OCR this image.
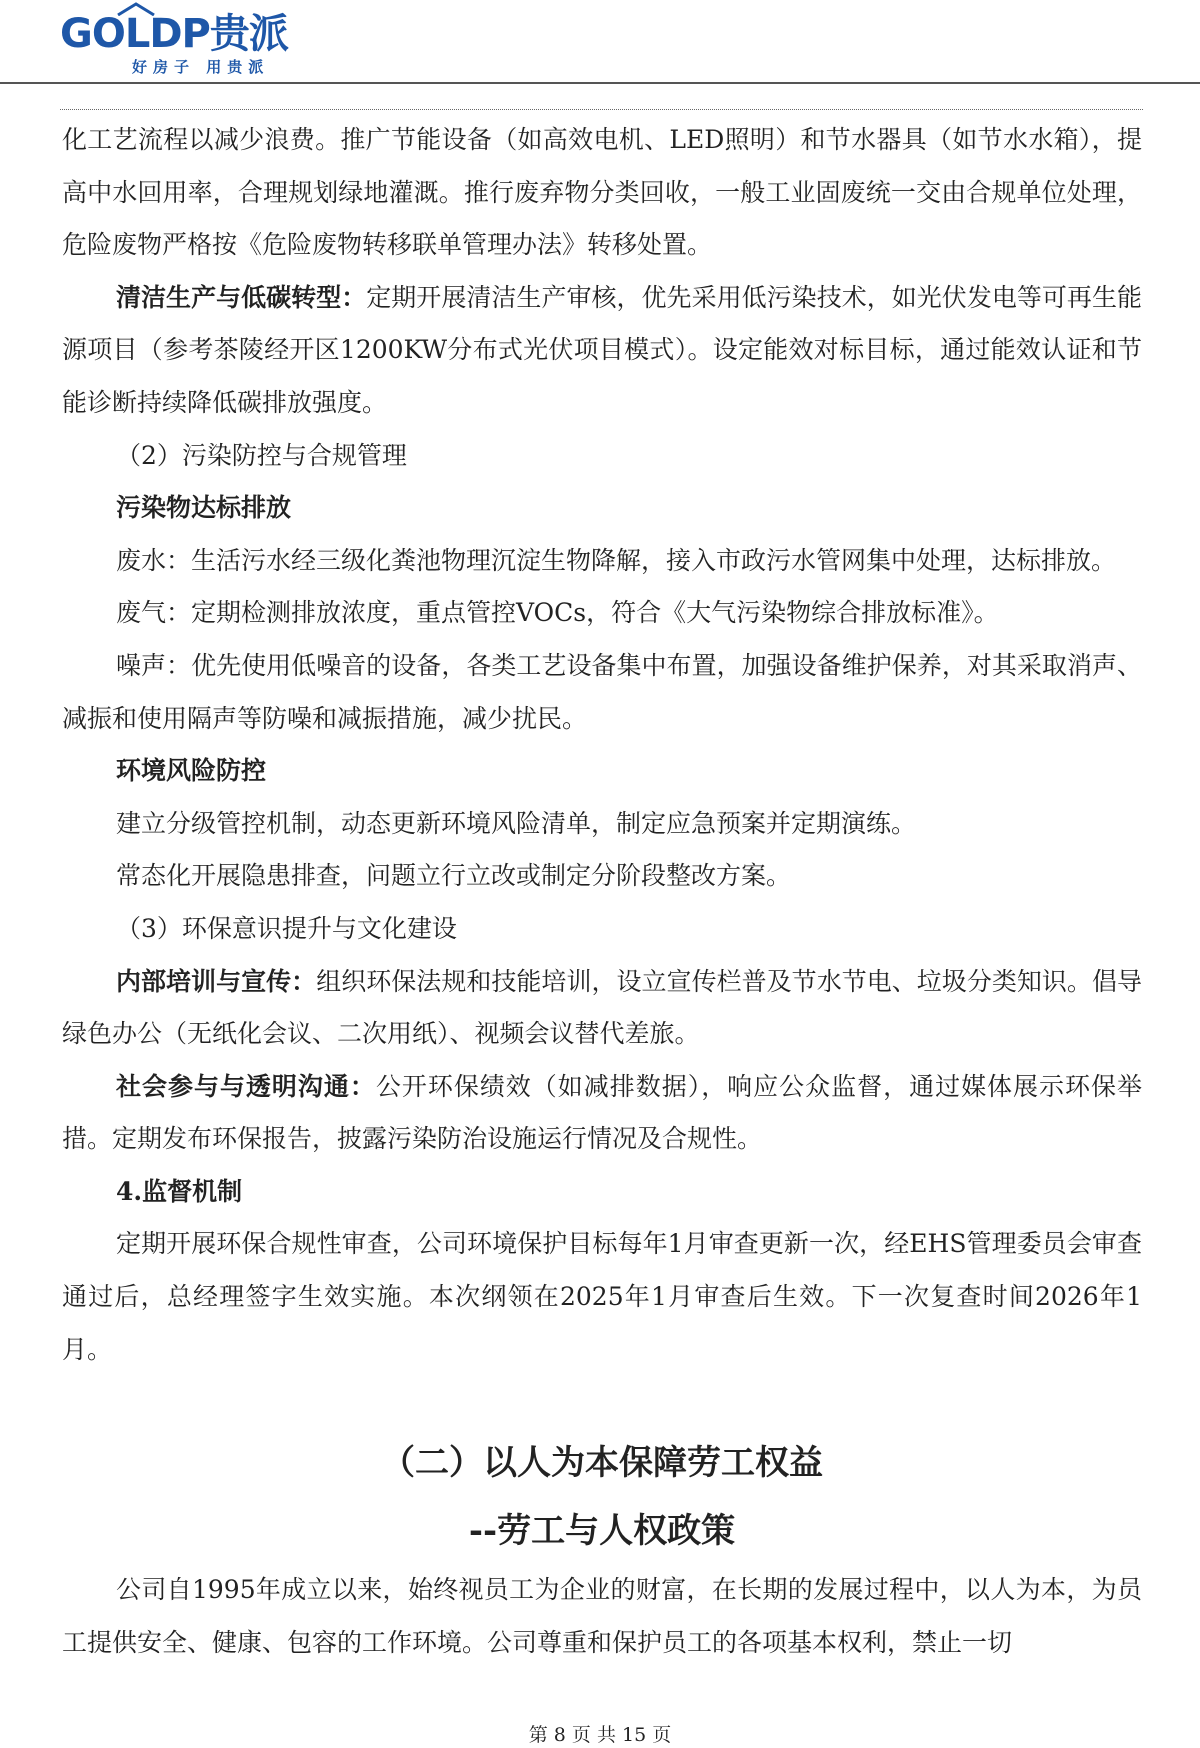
GOLDP贵派
好房子 用贵派

化工艺流程以减少浪费。推广节能设备（如高效电机、LED照明）和节水器具（如节水水箱），提高中水回用率，合理规划绿地灌溉。推行废弃物分类回收，一般工业固废统一交由合规单位处理，危险废物严格按《危险废物转移联单管理办法》转移处置。

清洁生产与低碳转型：定期开展清洁生产审核，优先采用低污染技术，如光伏发电等可再生能源项目（参考茶陵经开区1200KW分布式光伏项目模式）。设定能效对标目标，通过能效认证和节能诊断持续降低碳排放强度。

（2）污染防控与合规管理

污染物达标排放

废水：生活污水经三级化粪池物理沉淀生物降解，接入市政污水管网集中处理，达标排放。

废气：定期检测排放浓度，重点管控VOCs，符合《大气污染物综合排放标准》。

噪声：优先使用低噪音的设备，各类工艺设备集中布置，加强设备维护保养，对其采取消声、减振和使用隔声等防噪和减振措施，减少扰民。

环境风险防控

建立分级管控机制，动态更新环境风险清单，制定应急预案并定期演练。

常态化开展隐患排查，问题立行立改或制定分阶段整改方案。

（3）环保意识提升与文化建设

内部培训与宣传：组织环保法规和技能培训，设立宣传栏普及节水节电、垃圾分类知识。倡导绿色办公（无纸化会议、二次用纸）、视频会议替代差旅。

社会参与与透明沟通：公开环保绩效（如减排数据），响应公众监督，通过媒体展示环保举措。定期发布环保报告，披露污染防治设施运行情况及合规性。

4.监督机制

定期开展环保合规性审查，公司环境保护目标每年1月审查更新一次，经EHS管理委员会审查通过后，总经理签字生效实施。本次纲领在2025年1月审查后生效。下一次复查时间2026年1月。

（二）以人为本保障劳工权益
--劳工与人权政策

公司自1995年成立以来，始终视员工为企业的财富，在长期的发展过程中，以人为本，为员工提供安全、健康、包容的工作环境。公司尊重和保护员工的各项基本权利，禁止一切

第 8 页 共 15 页
